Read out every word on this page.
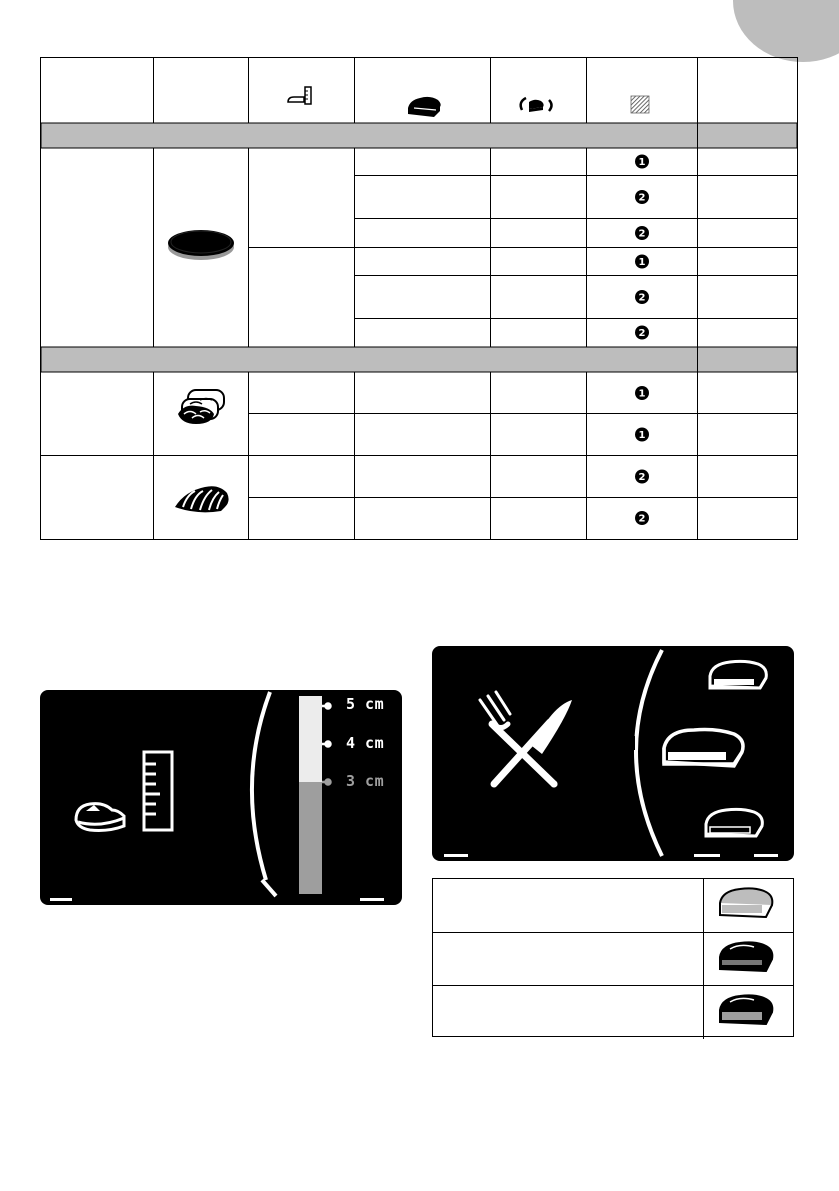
1
2
2
1
2
2
1
1
2
2
5 cm
4 cm
3 cm
